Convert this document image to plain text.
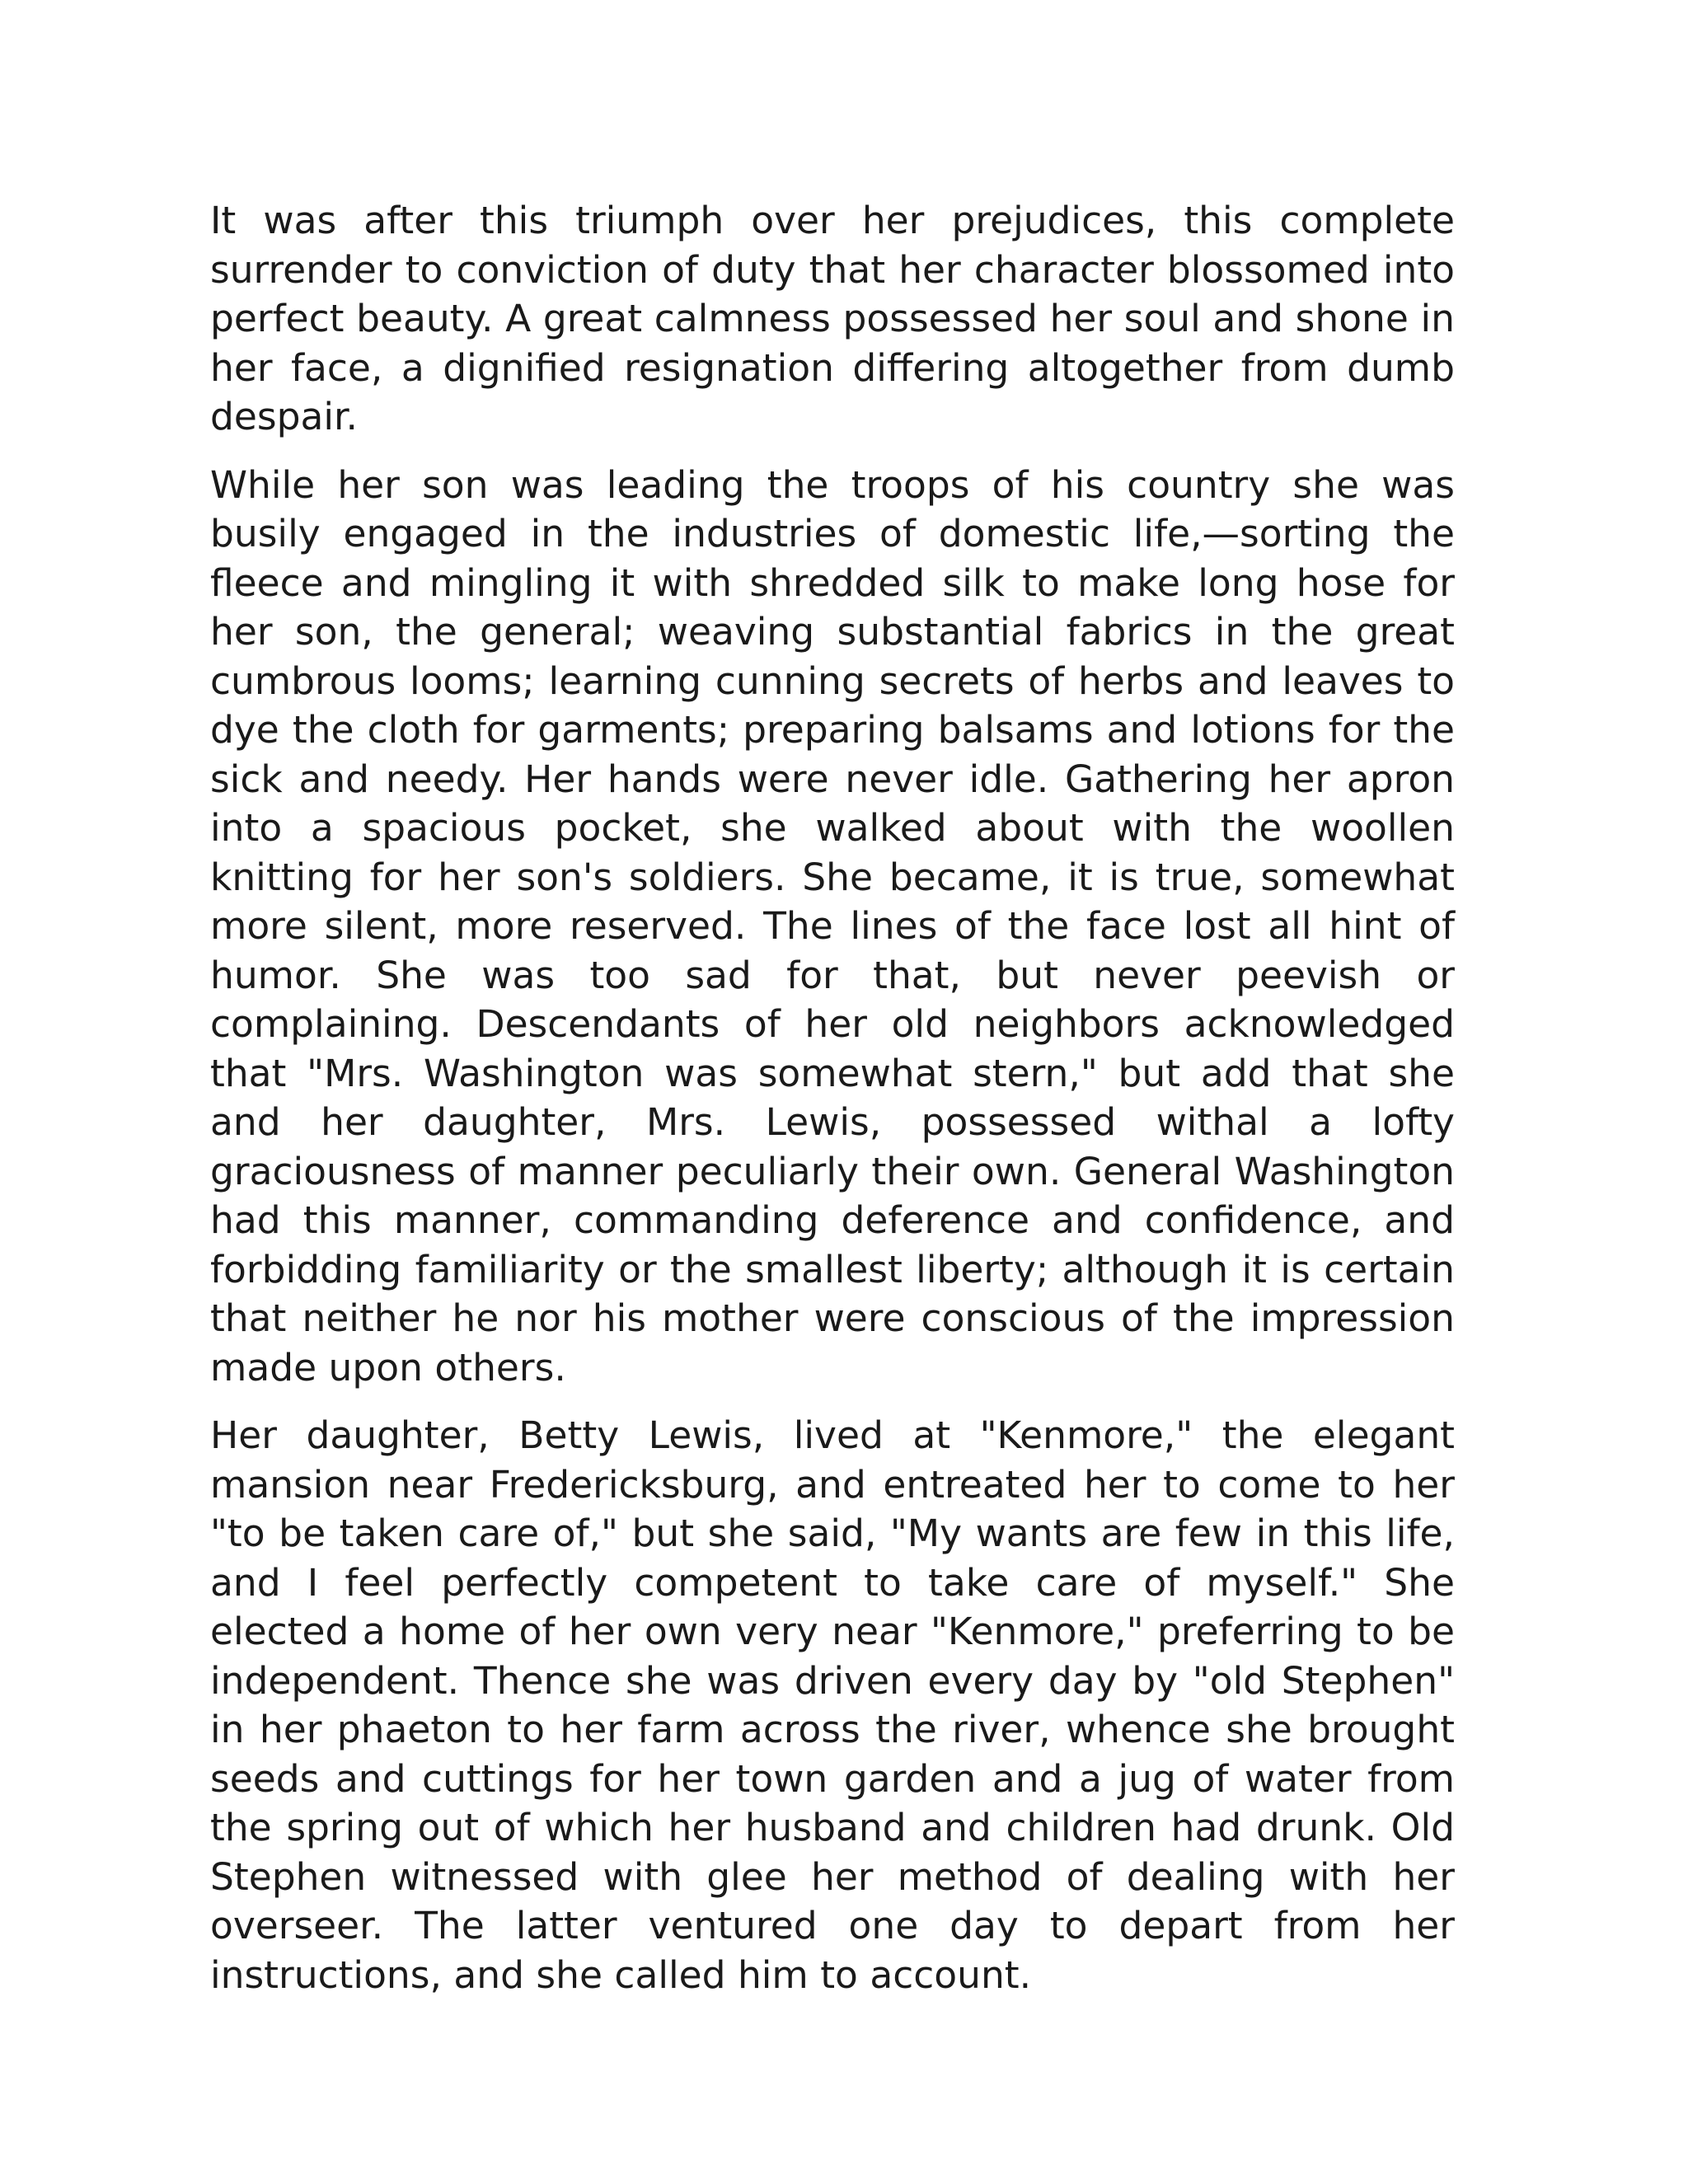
It was after this triumph over her prejudices, this complete surrender to conviction of duty that her character blossomed into perfect beauty. A great calmness possessed her soul and shone in her face, a dignified resignation differing altogether from dumb despair.

While her son was leading the troops of his country she was busily engaged in the industries of domestic life,—sorting the fleece and mingling it with shredded silk to make long hose for her son, the general; weaving substantial fabrics in the great cumbrous looms; learning cunning secrets of herbs and leaves to dye the cloth for garments; preparing balsams and lotions for the sick and needy. Her hands were never idle. Gathering her apron into a spacious pocket, she walked about with the woollen knitting for her son's soldiers. She became, it is true, somewhat more silent, more reserved. The lines of the face lost all hint of humor. She was too sad for that, but never peevish or complaining. Descendants of her old neighbors acknowledged that "Mrs. Washington was somewhat stern," but add that she and her daughter, Mrs. Lewis, possessed withal a lofty graciousness of manner peculiarly their own. General Washington had this manner, commanding deference and confidence, and forbidding familiarity or the smallest liberty; although it is certain that neither he nor his mother were conscious of the impression made upon others.

Her daughter, Betty Lewis, lived at "Kenmore," the elegant mansion near Fredericksburg, and entreated her to come to her "to be taken care of," but she said, "My wants are few in this life, and I feel perfectly competent to take care of myself." She elected a home of her own very near "Kenmore," preferring to be independent. Thence she was driven every day by "old Stephen" in her phaeton to her farm across the river, whence she brought seeds and cuttings for her town garden and a jug of water from the spring out of which her husband and children had drunk. Old Stephen witnessed with glee her method of dealing with her overseer. The latter ventured one day to depart from her instructions, and she called him to account.
